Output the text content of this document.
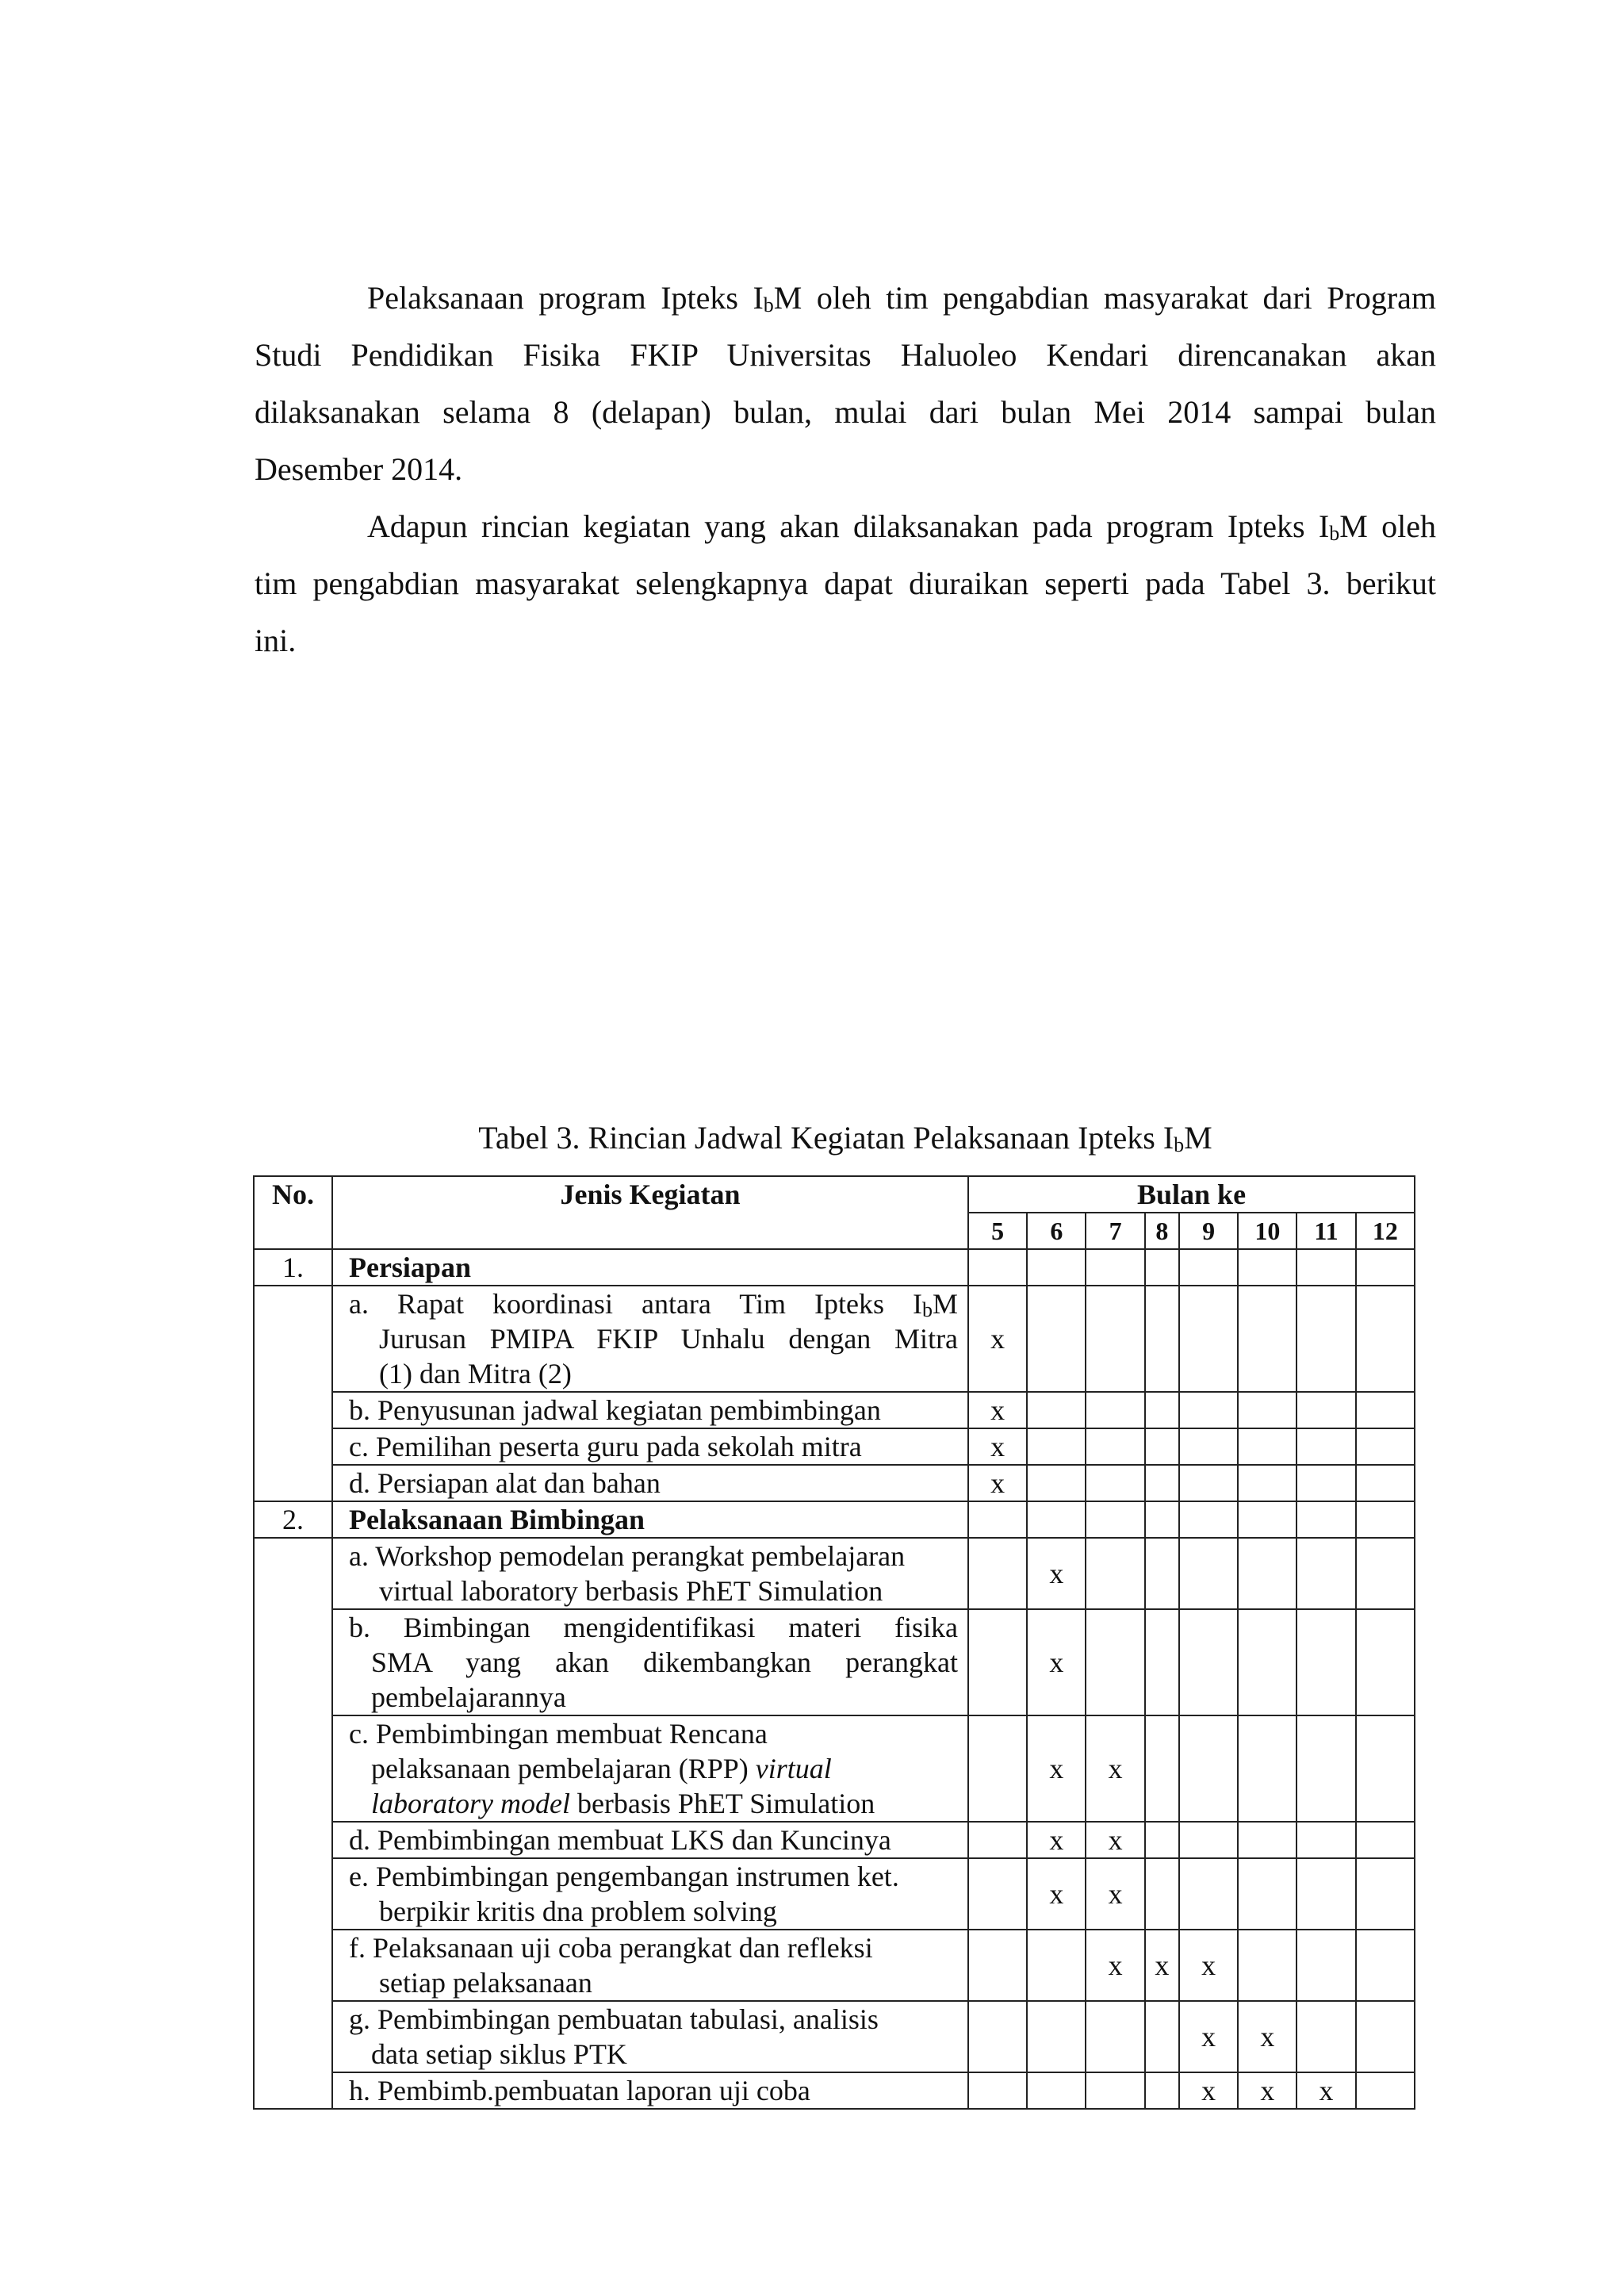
Pelaksanaan program Ipteks $I_bM$ oleh tim pengabdian masyarakat dari Program
Studi Pendidikan Fisika FKIP Universitas Haluoleo Kendari direncanakan akan
dilaksanakan selama 8 (delapan) bulan, mulai dari bulan Mei 2014 sampai bulan
Desember 2014.
Adapun rincian kegiatan yang akan dilaksanakan pada program Ipteks $I_bM$ oleh
tim pengabdian masyarakat selengkapnya dapat diuraikan seperti pada Tabel 3. berikut
ini.
Tabel 3. Rincian Jadwal Kegiatan Pelaksanaan Ipteks $I_bM$
No.	Jenis Kegiatan	Bulan ke							
		5	6	7	8	9	10	11	12
1.	Persiapan								

	a. Rapat koordinasi antara Tim Ipteks $I_bM$
Jurusan PMIPA FKIP Unhalu dengan Mitra
(1) dan Mitra (2)	x							
	b. Penyusunan jadwal kegiatan pembimbingan	x							
	c. Pemilihan peserta guru pada sekolah mitra	x							
	d. Persiapan alat dan bahan	x							
2.	Pelaksanaan Bimbingan								

	a. Workshop pemodelan perangkat pembelajaran
virtual laboratory berbasis PhET Simulation		x						

	b. Bimbingan mengidentifikasi materi fisika
SMA yang akan dikembangkan perangkat
pembelajarannya		x						

	c. Pembimbingan membuat Rencana
pelaksanaan pembelajaran (RPP) virtual
laboratory model berbasis PhET Simulation		x	x					
	d. Pembimbingan membuat LKS dan Kuncinya		x	x					

	e. Pembimbingan pengembangan instrumen ket.
berpikir kritis dna problem solving		x	x					

	f. Pelaksanaan uji coba perangkat dan refleksi
setiap pelaksanaan			x	x	x			

	g. Pembimbingan pembuatan tabulasi, analisis
data setiap siklus PTK					x	x		
	h. Pembimb.pembuatan laporan uji coba					x	x	x	
